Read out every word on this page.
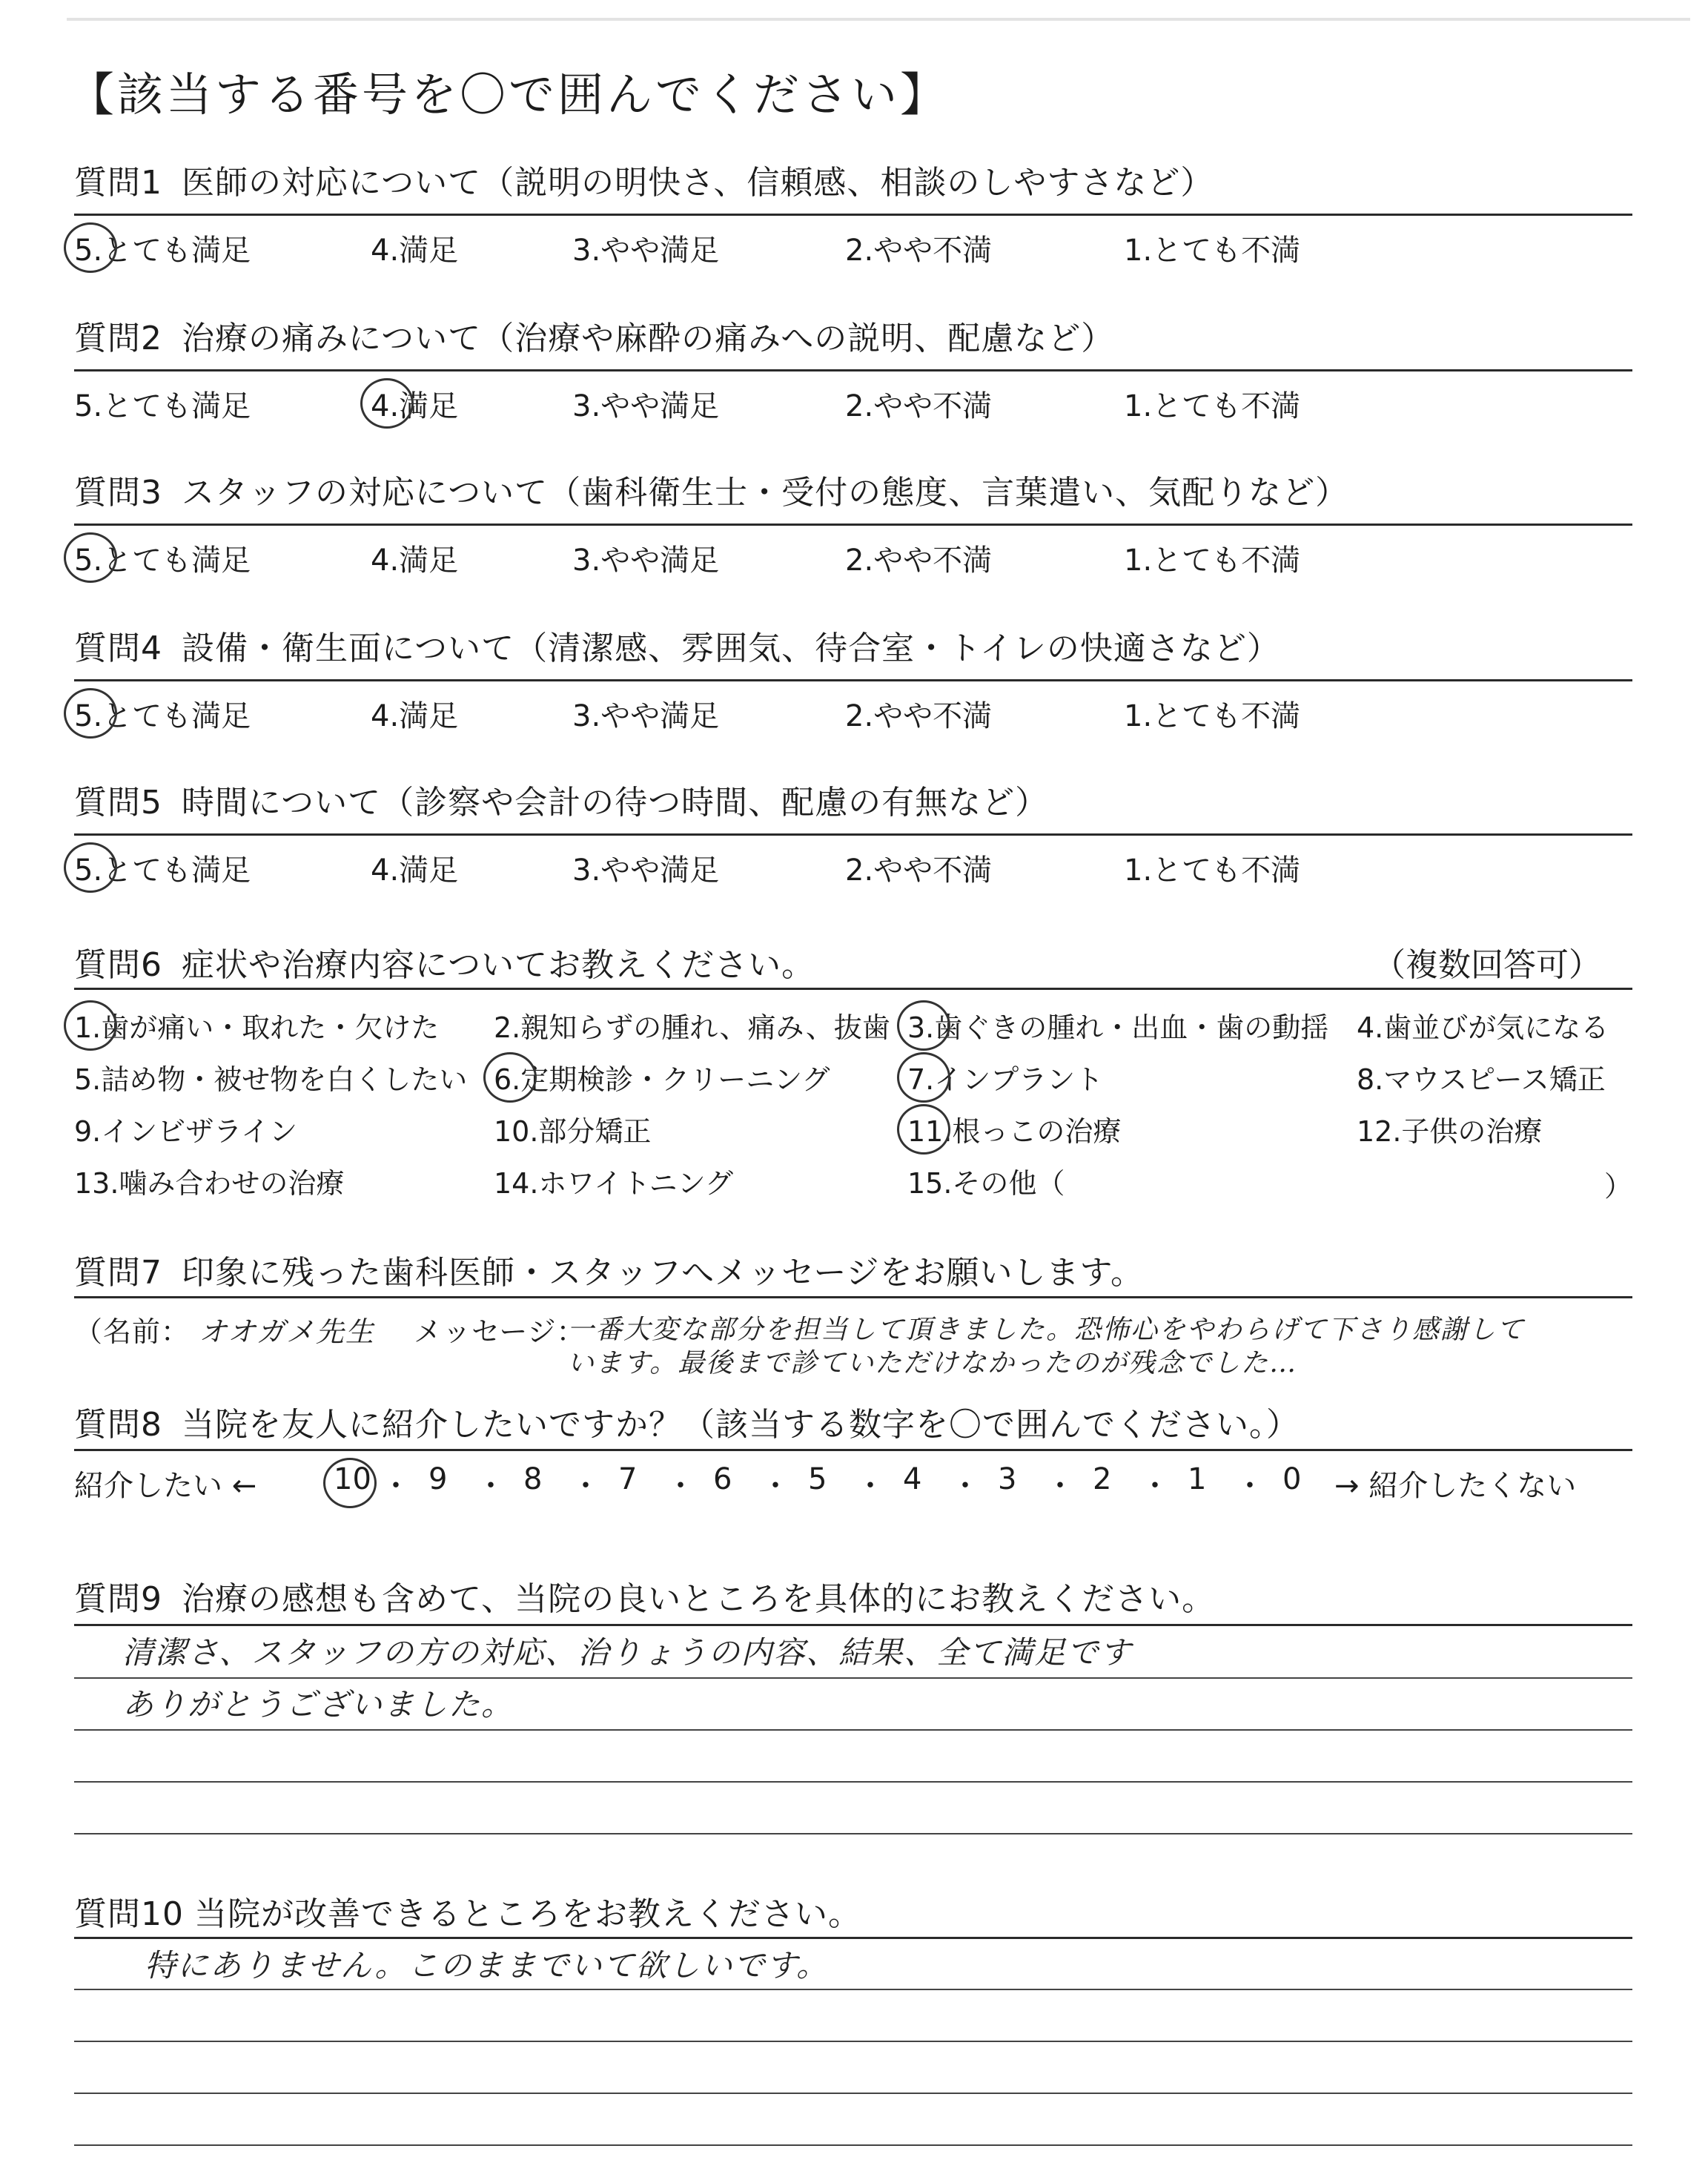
【該当する番号を〇で囲んでください】
質問6 症状や治療内容についてお教えください。	（複数回答可）
）
1.歯が痛い・取れた・欠けた 2.親知らずの腫れ、痛み、抜歯 3.歯ぐきの腫れ・出血・歯の動揺 4.歯並びが気になる
5.詰め物・被せ物を白くしたい 6.定期検診・クリーニング	7.インプラント	8.マウスピース矯正
9.インビザライン	10.部分矯正	11.根っこの治療	12.子供の治療
13.噛み合わせの治療	14.ホワイトニング	15.その他（
質問7 印象に残った歯科医師・スタッフへメッセージをお願いします。
（名前： オオガメ先生 メッセージ：
一番大変な部分を担当して頂きました。恐怖心をやわらげて下さり感謝して
います。最後まで診ていただけなかったのが残念でした…
質問8 当院を友人に紹介したいですか？（該当する数字を〇で囲んでください。）
紹介したい ←	10 ・ 9 ・ 8 ・ 7 ・ 6 ・ 5 ・ 4 ・ 3 ・ 2 ・ 1 ・ 0 → 紹介したくない
質問9 治療の感想も含めて、当院の良いところを具体的にお教えください。
清潔さ、スタッフの方の対応、治りょうの内容、結果、全て満足です
ありがとうございました。
質問10 当院が改善できるところをお教えください。
特にありません。このままでいて欲しいです。
質問1 医師の対応について（説明の明快さ、信頼感、相談のしやすさなど）
5.とても満足	4.満足	3.やや満足	2.やや不満	1.とても不満
質問2 治療の痛みについて（治療や麻酔の痛みへの説明、配慮など）
5.とても満足	4.満足	3.やや満足	2.やや不満	1.とても不満
質問3 スタッフの対応について（歯科衛生士・受付の態度、言葉遣い、気配りなど）
5.とても満足	4.満足	3.やや満足	2.やや不満	1.とても不満
質問4 設備・衛生面について（清潔感、雰囲気、待合室・トイレの快適さなど）
5.とても満足	4.満足	3.やや満足	2.やや不満	1.とても不満
質問5 時間について（診察や会計の待つ時間、配慮の有無など）
5.とても満足	4.満足	3.やや満足	2.やや不満	1.とても不満
